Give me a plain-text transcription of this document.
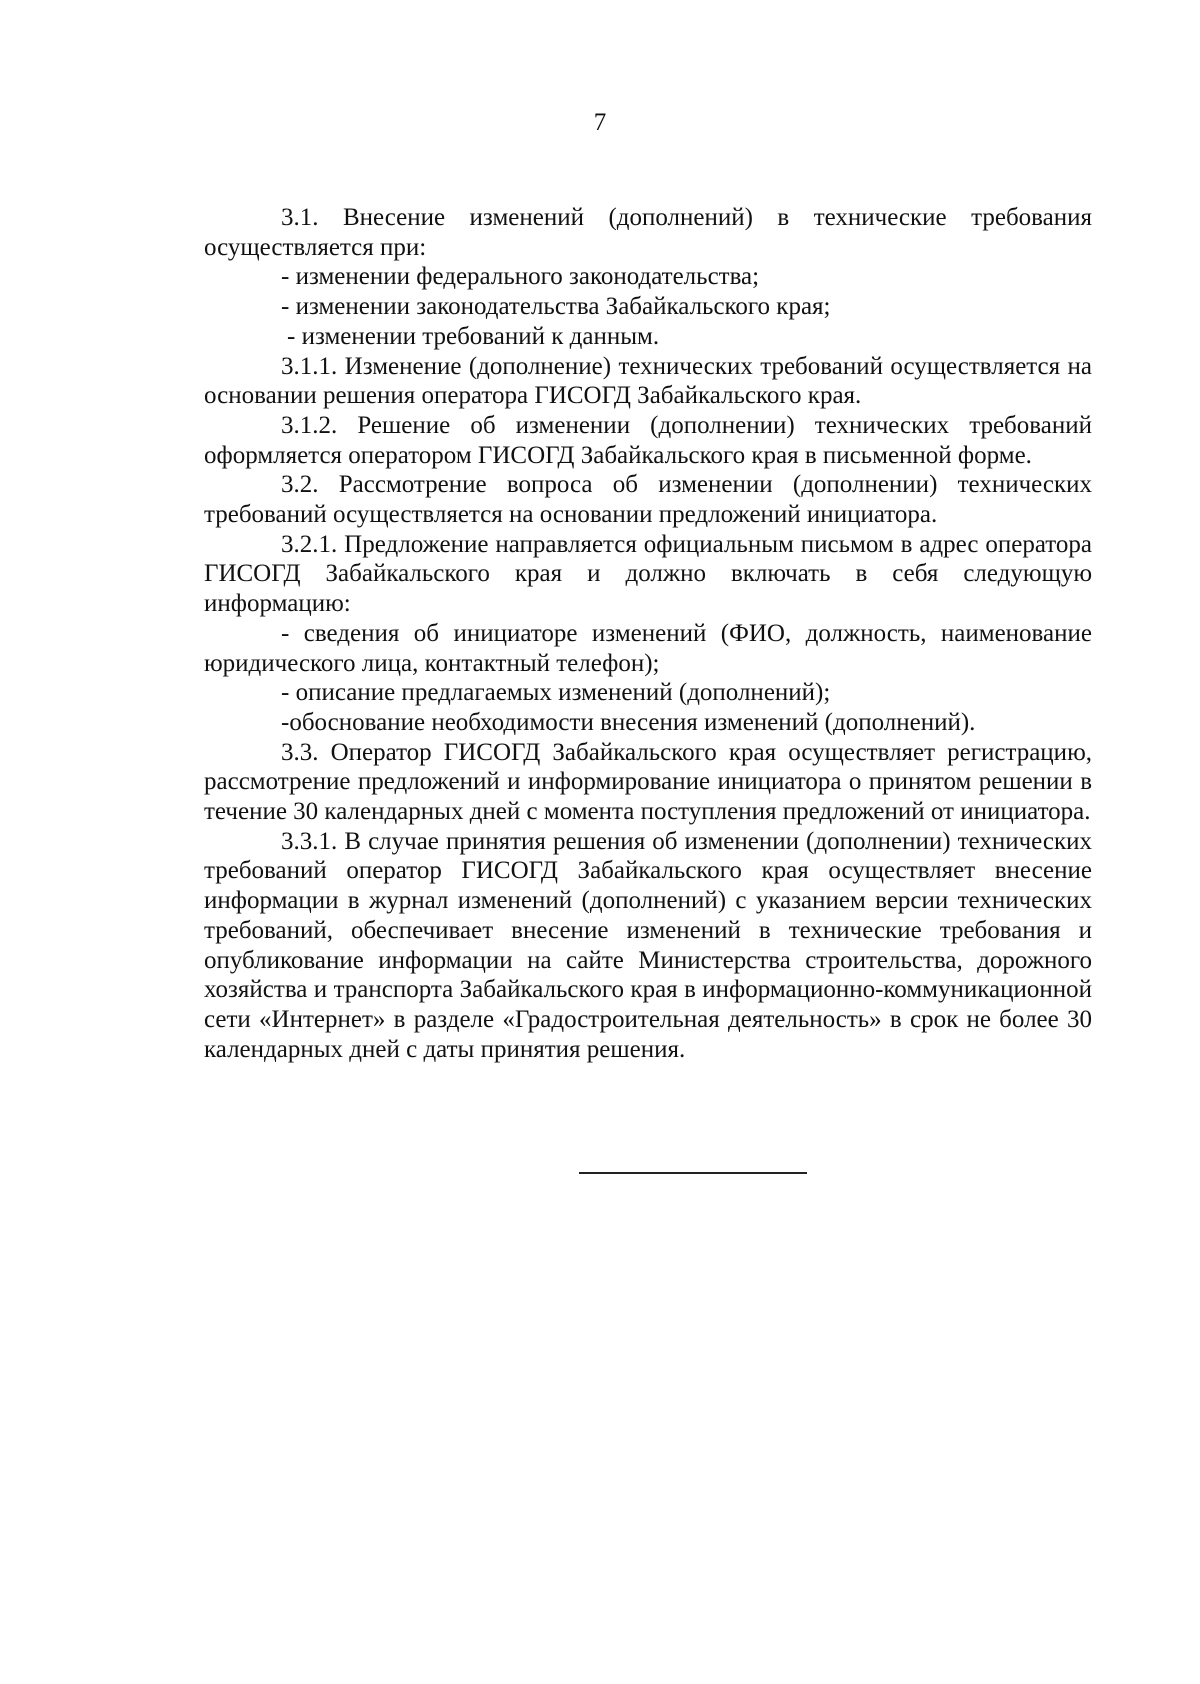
7

3.1. Внесение изменений (дополнений) в технические требования осуществляется при:

- изменении федерального законодательства;

- изменении законодательства Забайкальского края;

- изменении требований к данным.

3.1.1. Изменение (дополнение) технических требований осуществляется на основании решения оператора ГИСОГД Забайкальского края.

3.1.2. Решение об изменении (дополнении) технических требований оформляется оператором ГИСОГД Забайкальского края в письменной форме.

3.2. Рассмотрение вопроса об изменении (дополнении) технических требований осуществляется на основании предложений инициатора.

3.2.1. Предложение направляется официальным письмом в адрес оператора ГИСОГД Забайкальского края и должно включать в себя следующую информацию:

- сведения об инициаторе изменений (ФИО, должность, наименование юридического лица, контактный телефон);

- описание предлагаемых изменений (дополнений);

-обоснование необходимости внесения изменений (дополнений).

3.3. Оператор ГИСОГД Забайкальского края осуществляет регистрацию, рассмотрение предложений и информирование инициатора о принятом решении в течение 30 календарных дней с момента поступления предложений от инициатора.

3.3.1. В случае принятия решения об изменении (дополнении) технических требований оператор ГИСОГД Забайкальского края осуществляет внесение информации в журнал изменений (дополнений) с указанием версии технических требований, обеспечивает внесение изменений в технические требования и опубликование информации на сайте Министерства строительства, дорожного хозяйства и транспорта Забайкальского края в информационно-коммуникационной сети «Интернет» в разделе «Градостроительная деятельность» в срок не более 30 календарных дней с даты принятия решения.
